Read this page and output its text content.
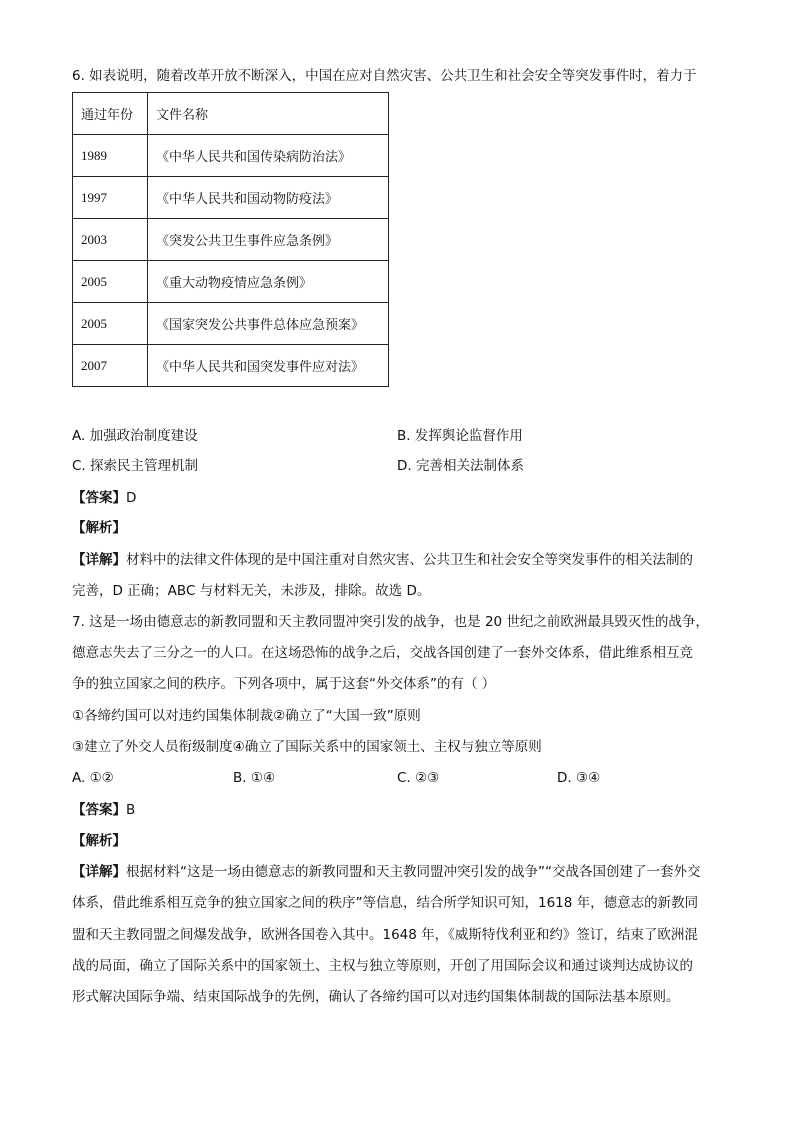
6. 如表说明，随着改革开放不断深入，中国在应对自然灾害、公共卫生和社会安全等突发事件时，着力于
通过年份	文件名称
1989	《中华人民共和国传染病防治法》
1997	《中华人民共和国动物防疫法》
2003	《突发公共卫生事件应急条例》
2005	《重大动物疫情应急条例》
2005	《国家突发公共事件总体应急预案》
2007	《中华人民共和国突发事件应对法》
A. 加强政治制度建设	B. 发挥舆论监督作用
C. 探索民主管理机制	D. 完善相关法制体系
【答案】D
【解析】
【详解】材料中的法律文件体现的是中国注重对自然灾害、公共卫生和社会安全等突发事件的相关法制的
完善，D 正确；ABC 与材料无关，未涉及，排除。故选 D。
7. 这是一场由德意志的新教同盟和天主教同盟冲突引发的战争，也是 20 世纪之前欧洲最具毁灭性的战争，
德意志失去了三分之一的人口。在这场恐怖的战争之后，交战各国创建了一套外交体系，借此维系相互竞
争的独立国家之间的秩序。下列各项中，属于这套“外交体系”的有（ ）
①各缔约国可以对违约国集体制裁②确立了“大国一致”原则
③建立了外交人员衔级制度④确立了国际关系中的国家领土、主权与独立等原则
A. ①②	B. ①④	C. ②③	D. ③④
【答案】B
【解析】
【详解】根据材料“这是一场由德意志的新教同盟和天主教同盟冲突引发的战争”“交战各国创建了一套外交
体系，借此维系相互竞争的独立国家之间的秩序”等信息，结合所学知识可知，1618 年，德意志的新教同
盟和天主教同盟之间爆发战争，欧洲各国卷入其中。1648 年，《威斯特伐利亚和约》签订，结束了欧洲混
战的局面，确立了国际关系中的国家领土、主权与独立等原则，开创了用国际会议和通过谈判达成协议的
形式解决国际争端、结束国际战争的先例，确认了各缔约国可以对违约国集体制裁的国际法基本原则。
